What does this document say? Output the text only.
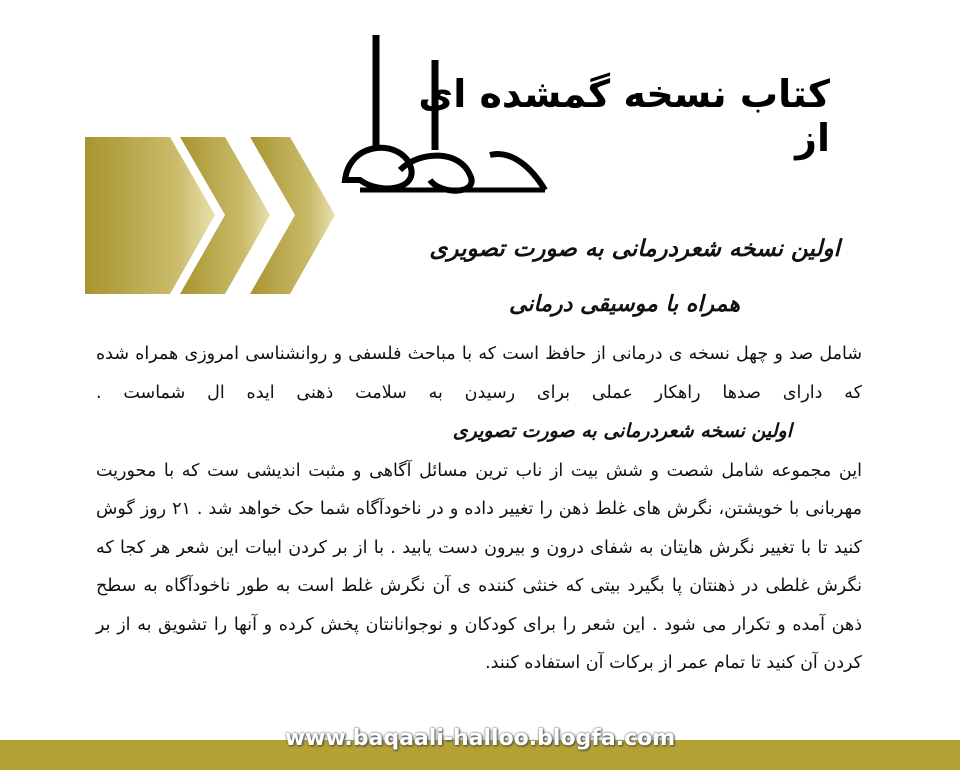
کتاب نسخه گمشده ای از
اولین نسخه شعردرمانی به صورت تصویری
همراه با موسیقی درمانی

شامل صد و چهل نسخه ی درمانی از حافظ است که با مباحث فلسفی و روانشناسی امروزی همراه شده که دارای صدها راهکار عملی برای رسیدن به سلامت ذهنی ایده ال شماست . اولین نسخه شعردرمانی به صورت تصویری

این مجموعه شامل شصت و شش بیت از ناب ترین مسائل آگاهی و مثبت اندیشی ست که با محوریت مهربانی با خویشتن، نگرش های غلط ذهن را تغییر داده و در ناخودآگاه شما حک خواهد شد . ۲۱ روز گوش کنید تا با تغییر نگرش هایتان به شفای درون و بیرون دست یابید . با از بر کردن ابیات این شعر هر کجا که نگرش غلطی در ذهنتان پا بگیرد بیتی که خنثی کننده ی آن نگرش غلط است به طور ناخودآگاه به سطح ذهن آمده و تکرار می شود . این شعر را برای کودکان و نوجوانانتان پخش کرده و آنها را تشویق به از بر کردن آن کنید تا تمام عمر از برکات آن استفاده کنند.

www.baqaali-halloo.blogfa.com
